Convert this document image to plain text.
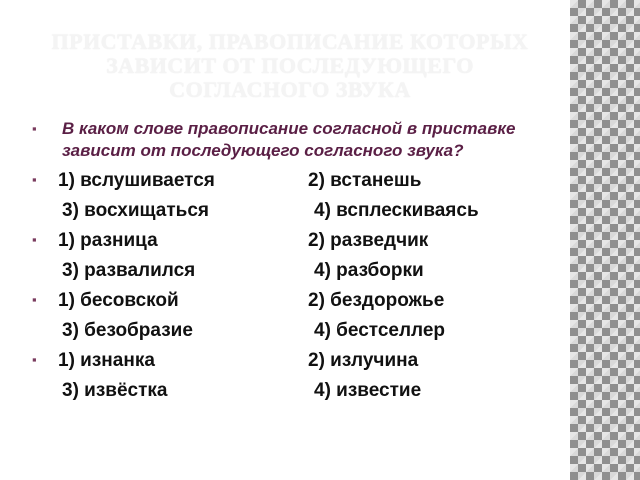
ПРИСТАВКИ, ПРАВОПИСАНИЕ КОТОРЫХ ЗАВИСИТ ОТ ПОСЛЕДУЮЩЕГО СОГЛАСНОГО ЗВУКА
▪	В каком слове правописание согласной в приставке зависит от последующего согласного звука?
▪	1) вслушивается	2) встанешь
3) восхищаться	4) всплескиваясь
▪	1) разница	2) разведчик
3) развалился	4) разборки
▪	1) бесовской	2) бездорожье
3) безобразие	4) бестселлер
▪	1) изнанка	2) излучина
3) извёстка	4) известие
